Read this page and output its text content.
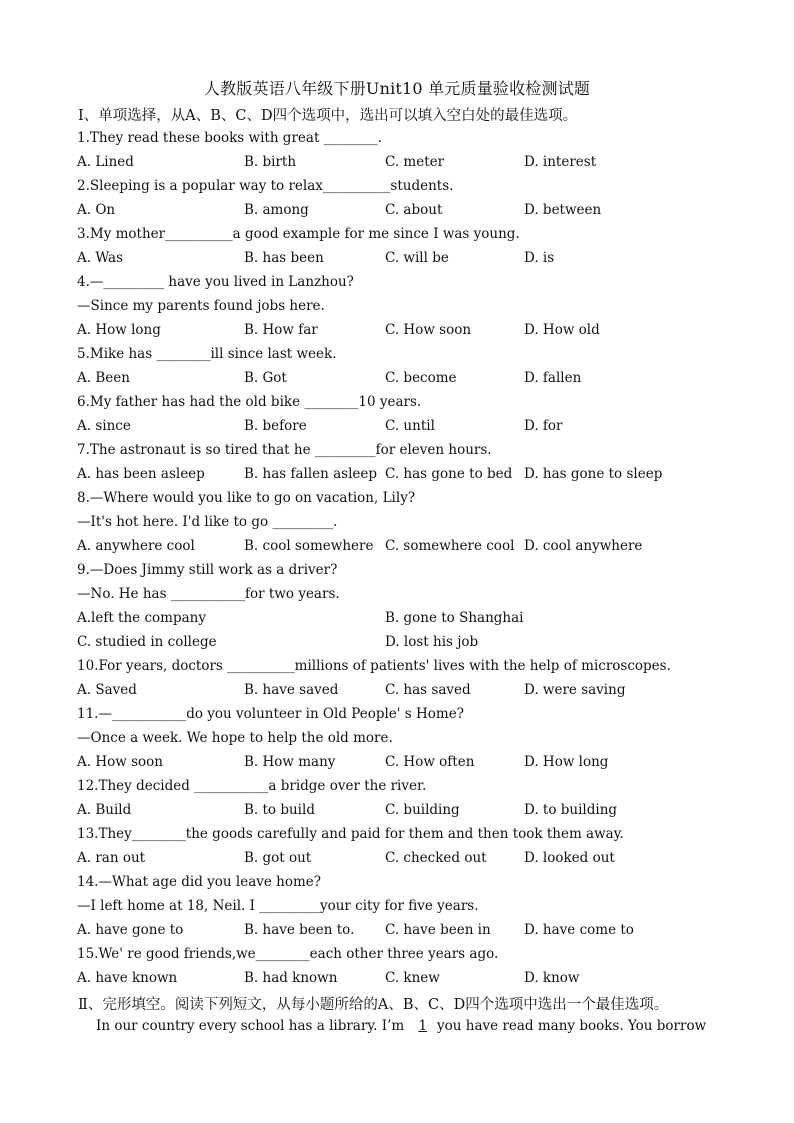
人教版英语八年级下册Unit10 单元质量验收检测试题
Ⅰ、单项选择，从A、B、C、D四个选项中，选出可以填入空白处的最佳选项。
1.They read these books with great ________.
A. Lined	B. birth	C. meter	D. interest
2.Sleeping is a popular way to relax__________students.
A. On	B. among	C. about	D. between
3.My mother__________a good example for me since I was young.
A. Was	B. has been	C. will be	D. is
4.—_________ have you lived in Lanzhou?
—Since my parents found jobs here.
A. How long	B. How far	C. How soon	D. How old
5.Mike has ________ill since last week.
A. Been	B. Got	C. become	D. fallen
6.My father has had the old bike ________10 years.
A. since	B. before	C. until	D. for
7.The astronaut is so tired that he _________for eleven hours.
A. has been asleep	B. has fallen asleep C. has gone to bed D. has gone to sleep
8.—Where would you like to go on vacation, Lily?
—It's hot here. I'd like to go _________.
A. anywhere cool	B. cool somewhere C. somewhere cool D. cool anywhere
9.—Does Jimmy still work as a driver?
—No. He has ___________for two years.
A.left the company	B. gone to Shanghai
C. studied in college	D. lost his job
10.For years, doctors __________millions of patients' lives with the help of microscopes.
A. Saved	B. have saved	C. has saved	D. were saving
11.—___________do you volunteer in Old People' s Home?
—Once a week. We hope to help the old more.
A. How soon	B. How many	C. How often	D. How long
12.They decided ___________a bridge over the river.
A. Build	B. to build	C. building	D. to building
13.They________the goods carefully and paid for them and then took them away.
A. ran out	B. got out	C. checked out	D. looked out
14.—What age did you leave home?
—I left home at 18, Neil. I _________your city for five years.
A. have gone to	B. have been to. C. have been in D. have come to
15.We' re good friends,we________each other three years ago.
A. have known	B. had known	C. knew	D. know
Ⅱ、完形填空。阅读下列短文，从每小题所给的A、B、C、D四个选项中选出一个最佳选项。
In our country every school has a library. I’m 1 you have read many books. You borrow
